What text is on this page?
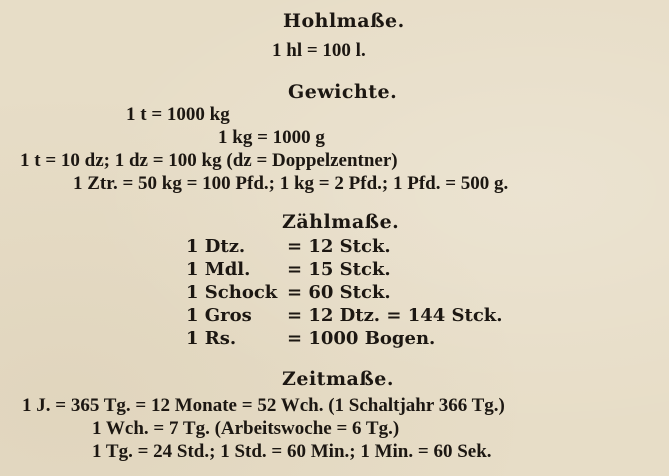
Hohlmaße.
1 hl = 100 l.
Gewichte.
1 t = 1000 kg
1 kg = 1000 g
1 t = 10 dz; 1 dz = 100 kg (dz = Doppelzentner)
1 Ztr. = 50 kg = 100 Pfd.; 1 kg = 2 Pfd.; 1 Pfd. = 500 g.
Zählmaße.
1 Dtz. = 12 Stck.
1 Mdl. = 15 Stck.
1 Schock = 60 Stck.
1 Gros = 12 Dtz. = 144 Stck.
1 Rs.	= 1000 Bogen.
Zeitmaße.
1 J. = 365 Tg. = 12 Monate = 52 Wch. (1 Schaltjahr 366 Tg.)
1 Wch. = 7 Tg. (Arbeitswoche = 6 Tg.)
1 Tg. = 24 Std.; 1 Std. = 60 Min.; 1 Min. = 60 Sek.
